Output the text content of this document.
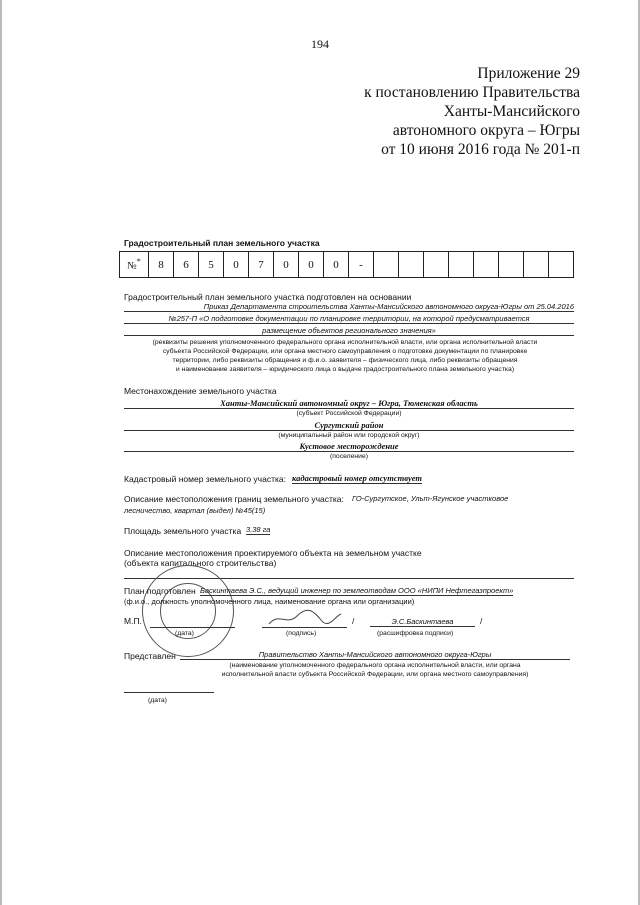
194
Приложение 29
к постановлению Правительства
Ханты-Мансийского
автономного округа – Югры
от 10 июня 2016 года № 201-п
Градостроительный план земельного участка
№*	8	6	5	0	7	0	0	0	-								
Градостроительный план земельного участка подготовлен на основании
Приказ Департамента строительства Ханты-Мансийского автономного округа-Югры от 25.04.2016
№257-П «О подготовке документации по планировке территории, на которой предусматривается
размещение объектов регионального значения»
(реквизиты решения уполномоченного федерального органа исполнительной власти, или органа исполнительной власти
субъекта Российской Федерации, или органа местного самоуправления о подготовке документации по планировке
территории, либо реквизиты обращения и ф.и.о. заявителя – физического лица, либо реквизиты обращения
и наименование заявителя – юридического лица о выдаче градостроительного плана земельного участка)
Местонахождение земельного участка
Ханты-Мансийский автономный округ – Югра, Тюменская область
(субъект Российской Федерации)
Сургутский район
(муниципальный район или городской округ)
Кустовое месторождение
(поселение)
Кадастровый номер земельного участка: кадастровый номер отсутствует
Описание местоположения границ земельного участка: ГО-Сургутское, Ульт-Ягунское участковое
лесничество, квартал (выдел) №45(15)
Площадь земельного участка 3.38 га
Описание местоположения проектируемого объекта на земельном участке
(объекта капитального строительства)
План подготовлен Баскинтаева Э.С., ведущий инженер по землеотводам ООО «НИПИ Нефтегазпроект»
(ф.и.о., должность уполномоченного лица, наименование органа или организации)
М.П.
(дата)	(подпись)
/	Э.С.Баскинтаева	/
(расшифровка подписи)
Представлен	Правительство Ханты-Мансийского автономного округа-Югры
(наименование уполномоченного федерального органа исполнительной власти, или органа
исполнительной власти субъекта Российской Федерации, или органа местного самоуправления)
(дата)
